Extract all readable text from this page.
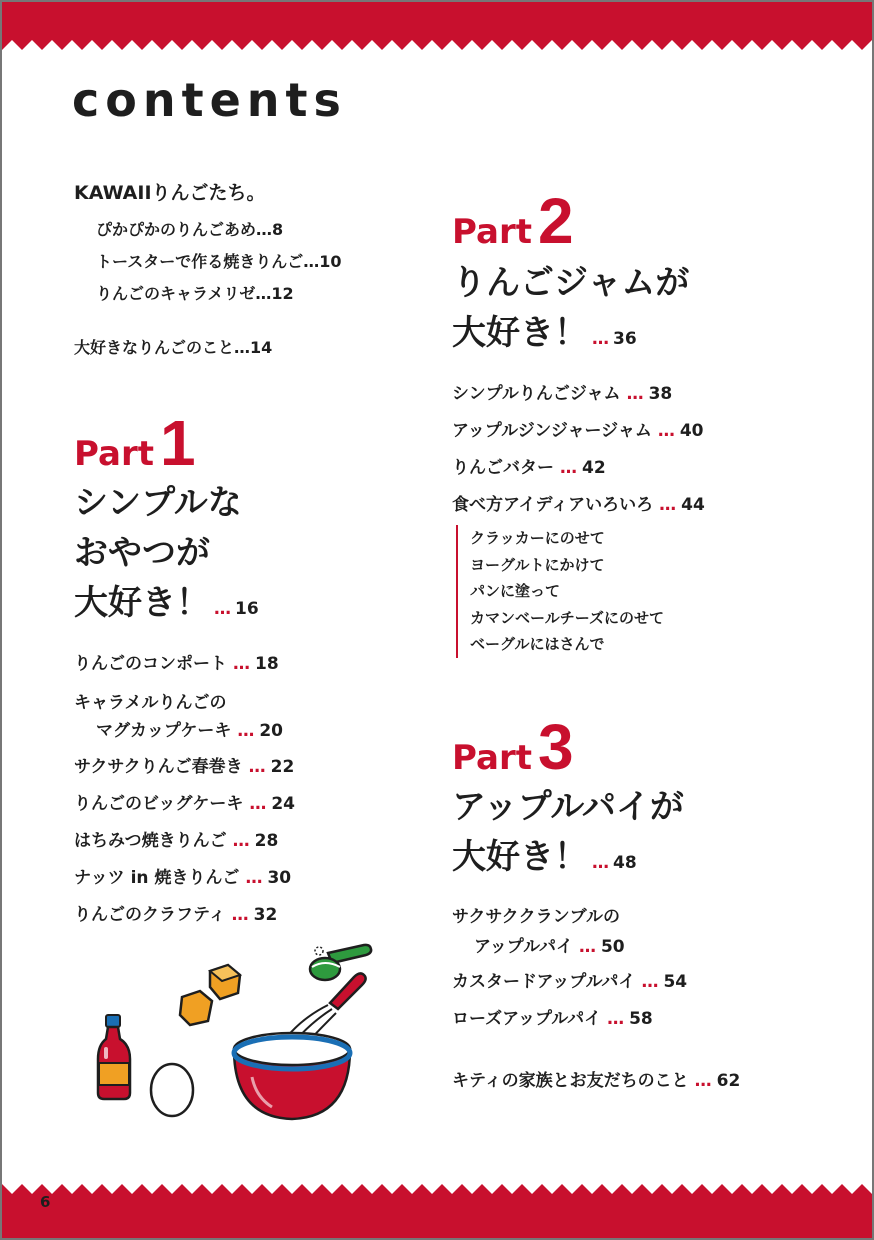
contents
KAWAIIりんごたち。
ぴかぴかのりんごあめ…8
トースターで作る焼きりんご…10
りんごのキャラメリゼ…12
大好きなりんごのこと…14
Part 1
シンプルな
おやつが
大好き！ … 16
りんごのコンポート … 18
キャラメルりんごの
マグカップケーキ … 20
サクサクりんご春巻き … 22
りんごのビッグケーキ … 24
はちみつ焼きりんご … 28
ナッツ in 焼きりんご … 30
りんごのクラフティ … 32
Part 2
りんごジャムが
大好き！ … 36
シンプルりんごジャム … 38
アップルジンジャージャム … 40
りんごバター … 42
食べ方アイディアいろいろ … 44
クラッカーにのせて
ヨーグルトにかけて
パンに塗って
カマンベールチーズにのせて
ベーグルにはさんで
Part 3
アップルパイが
大好き！ … 48
サクサククランブルの
アップルパイ … 50
カスタードアップルパイ … 54
ローズアップルパイ … 58
キティの家族とお友だちのこと … 62
6
